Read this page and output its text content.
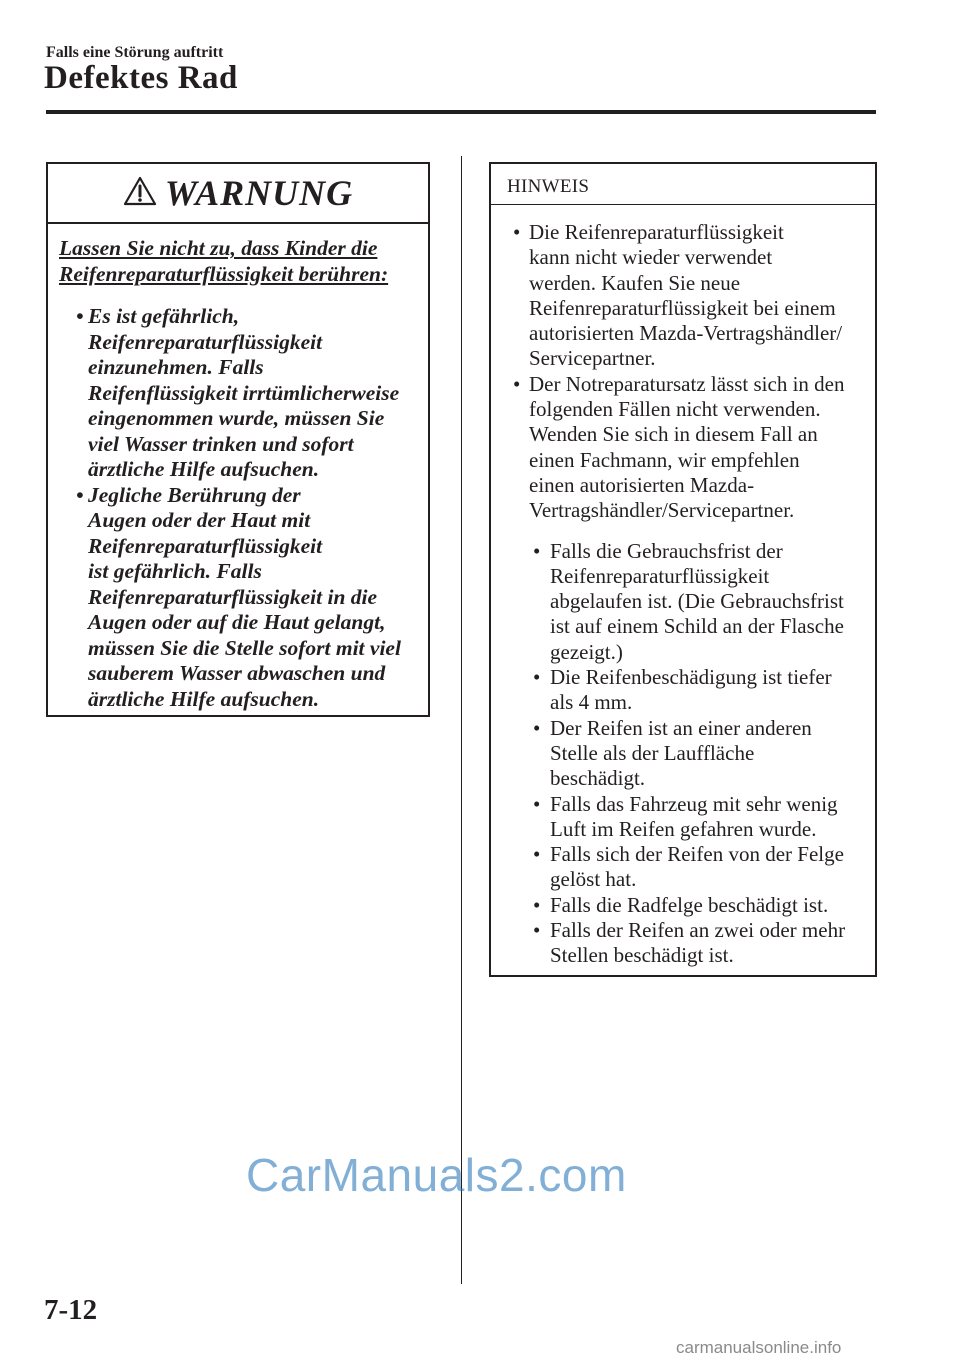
Falls eine Störung auftritt
Defektes Rad
WARNUNG
Lassen Sie nicht zu, dass Kinder die
Reifenreparaturflüssigkeit berühren:
• Es ist gefährlich,
Reifenreparaturflüssigkeit
einzunehmen. Falls
Reifenflüssigkeit irrtümlicherweise
eingenommen wurde, müssen Sie
viel Wasser trinken und sofort
ärztliche Hilfe aufsuchen.
• Jegliche Berührung der
Augen oder der Haut mit
Reifenreparaturflüssigkeit
ist gefährlich. Falls
Reifenreparaturflüssigkeit in die
Augen oder auf die Haut gelangt,
müssen Sie die Stelle sofort mit viel
sauberem Wasser abwaschen und
ärztliche Hilfe aufsuchen.
HINWEIS
• Die Reifenreparaturflüssigkeit
kann nicht wieder verwendet
werden. Kaufen Sie neue
Reifenreparaturflüssigkeit bei einem
autorisierten Mazda-Vertragshändler/
Servicepartner.
• Der Notreparatursatz lässt sich in den
folgenden Fällen nicht verwenden.
Wenden Sie sich in diesem Fall an
einen Fachmann, wir empfehlen
einen autorisierten Mazda-
Vertragshändler/Servicepartner.
• Falls die Gebrauchsfrist der
Reifenreparaturflüssigkeit
abgelaufen ist. (Die Gebrauchsfrist
ist auf einem Schild an der Flasche
gezeigt.)
• Die Reifenbeschädigung ist tiefer
als 4 mm.
• Der Reifen ist an einer anderen
Stelle als der Lauffläche
beschädigt.
• Falls das Fahrzeug mit sehr wenig
Luft im Reifen gefahren wurde.
• Falls sich der Reifen von der Felge
gelöst hat.
• Falls die Radfelge beschädigt ist.
• Falls der Reifen an zwei oder mehr
Stellen beschädigt ist.
CarManuals2.com
7-12
carmanualsonline.info
